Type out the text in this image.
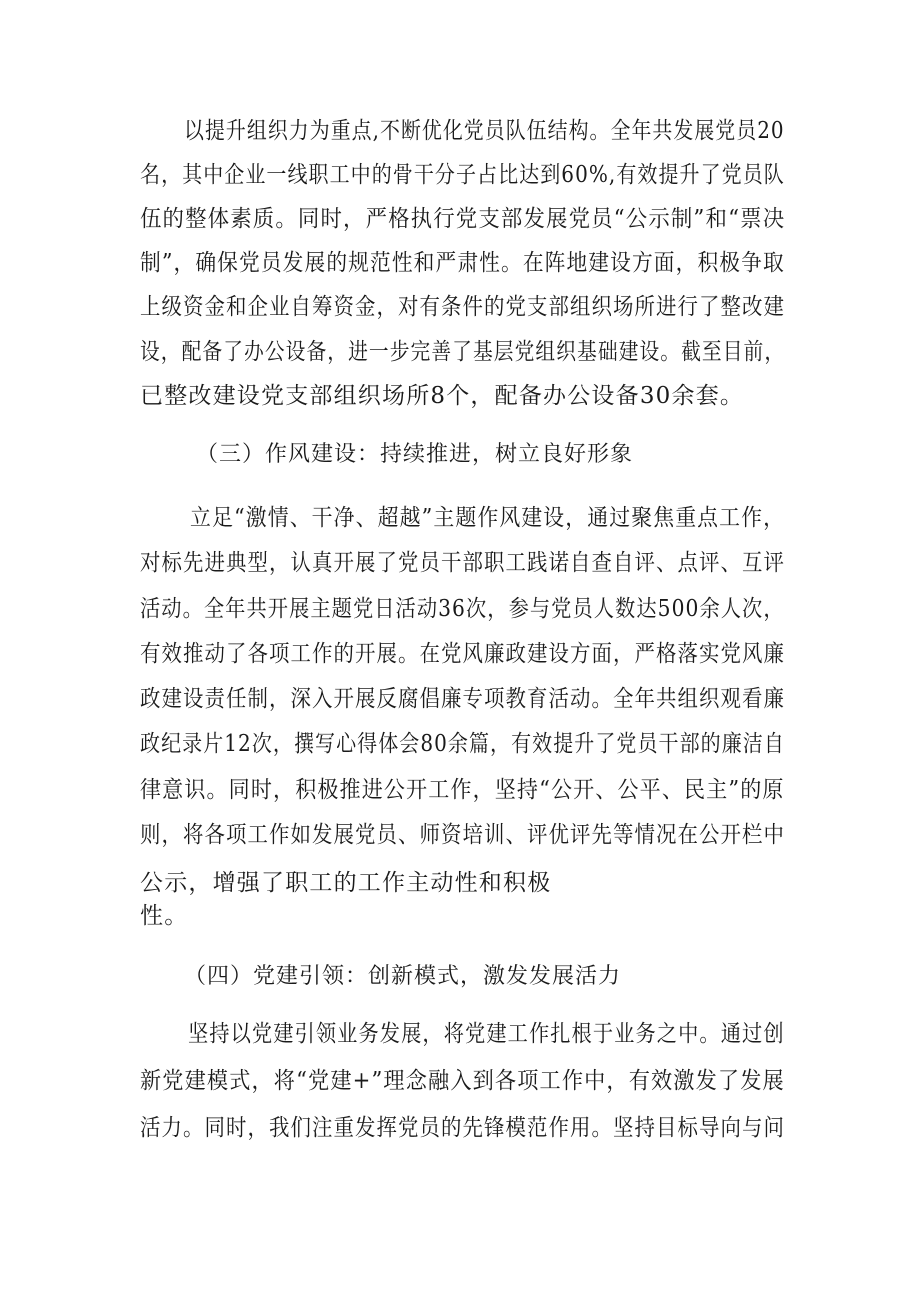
以提升组织力为重点,不断优化党员队伍结构。全年共发展党员20
名，其中企业一线职工中的骨干分子占比达到60%,有效提升了党员队
伍的整体素质。同时，严格执行党支部发展党员“公示制”和“票决
制”，确保党员发展的规范性和严肃性。在阵地建设方面，积极争取
上级资金和企业自筹资金，对有条件的党支部组织场所进行了整改建
设，配备了办公设备，进一步完善了基层党组织基础建设。截至目前，
已整改建设党支部组织场所8个，配备办公设备30余套。
（三）作风建设：持续推进，树立良好形象
立足“激情、干净、超越”主题作风建设，通过聚焦重点工作，
对标先进典型，认真开展了党员干部职工践诺自查自评、点评、互评
活动。全年共开展主题党日活动36次，参与党员人数达500余人次，
有效推动了各项工作的开展。在党风廉政建设方面，严格落实党风廉
政建设责任制，深入开展反腐倡廉专项教育活动。全年共组织观看廉
政纪录片12次，撰写心得体会80余篇，有效提升了党员干部的廉洁自
律意识。同时，积极推进公开工作，坚持“公开、公平、民主”的原
则，将各项工作如发展党员、师资培训、评优评先等情况在公开栏中
公示，增强了职工的工作主动性和积极
性。
（四）党建引领：创新模式，激发发展活力
坚持以党建引领业务发展，将党建工作扎根于业务之中。通过创
新党建模式，将“党建+”理念融入到各项工作中，有效激发了发展
活力。同时，我们注重发挥党员的先锋模范作用。坚持目标导向与问
